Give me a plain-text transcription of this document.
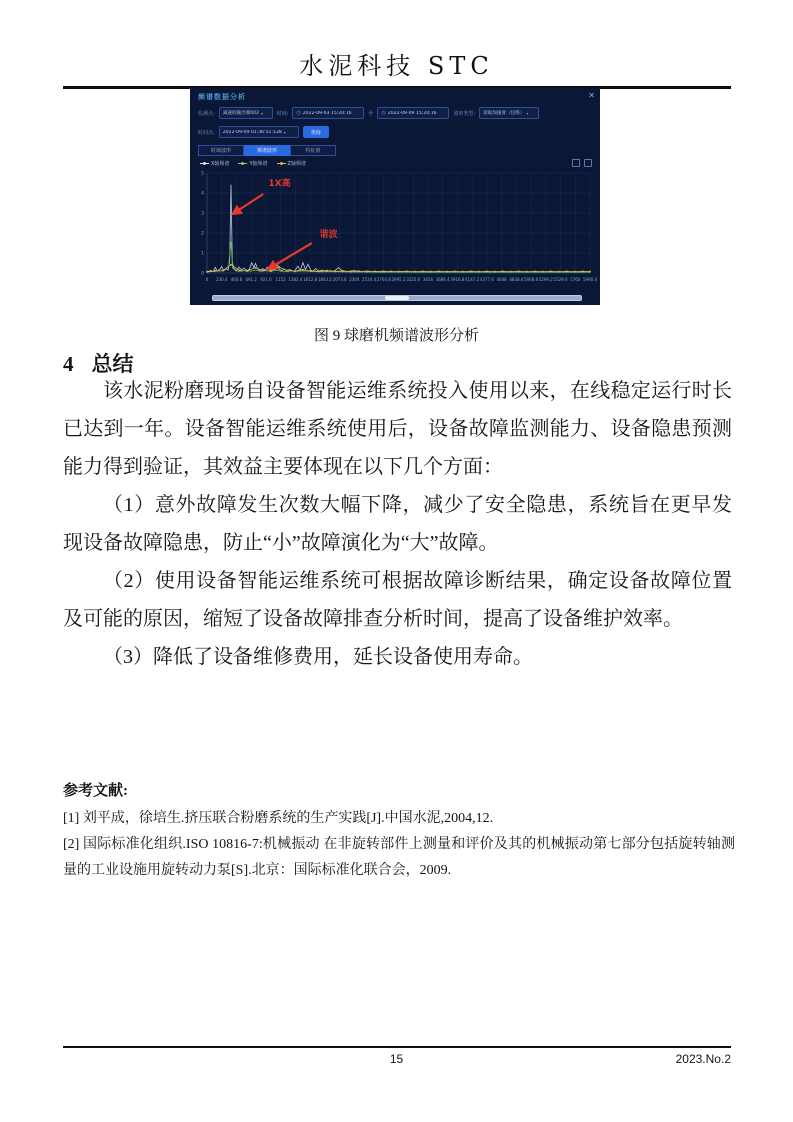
水泥科技 STC
频谱数据分析	✕
监测点: 减速机输出端002 ▾	时间: ◷ 2022-09-03 15:20:16	至 ◷ 2022-09-09 15:20:16	波形类型: 读取加速度（包络） ▾
时间点: 2022-09-09 01:36:51:128 ▾	查询
时域波形	频谱波形	特征值
X轴频谱	Y轴频谱	Z轴频谱
0
1
2
3
4
5
0 230.4 460.8 691.2 921.6 1152 1382.4 1612.8 1843.2 2073.6 2304 2534.4 2764.8 2995.2 3225.6 3456 3686.4 3916.8 4147.2 4377.6 4608 4838.4 5068.8 5299.2 5529.6 5760 5990.4
1X高
谐波
图 9 球磨机频谱波形分析
4 总结

该水泥粉磨现场自设备智能运维系统投入使用以来，在线稳定运行时长已达到一年。设备智能运维系统使用后，设备故障监测能力、设备隐患预测能力得到验证，其效益主要体现在以下几个方面：

（1）意外故障发生次数大幅下降，减少了安全隐患，系统旨在更早发现设备故障隐患，防止“小”故障演化为“大”故障。

（2）使用设备智能运维系统可根据故障诊断结果，确定设备故障位置及可能的原因，缩短了设备故障排查分析时间，提高了设备维护效率。

（3）降低了设备维修费用，延长设备使用寿命。

参考文献:
[1] 刘平成，徐培生.挤压联合粉磨系统的生产实践[J].中国水泥,2004,12.
[2] 国际标准化组织.ISO 10816-7:机械振动 在非旋转部件上测量和评价及其的机械振动第七部分包括旋转轴测量的工业设施用旋转动力泵[S].北京：国际标准化联合会，2009.
15	2023.No.2
